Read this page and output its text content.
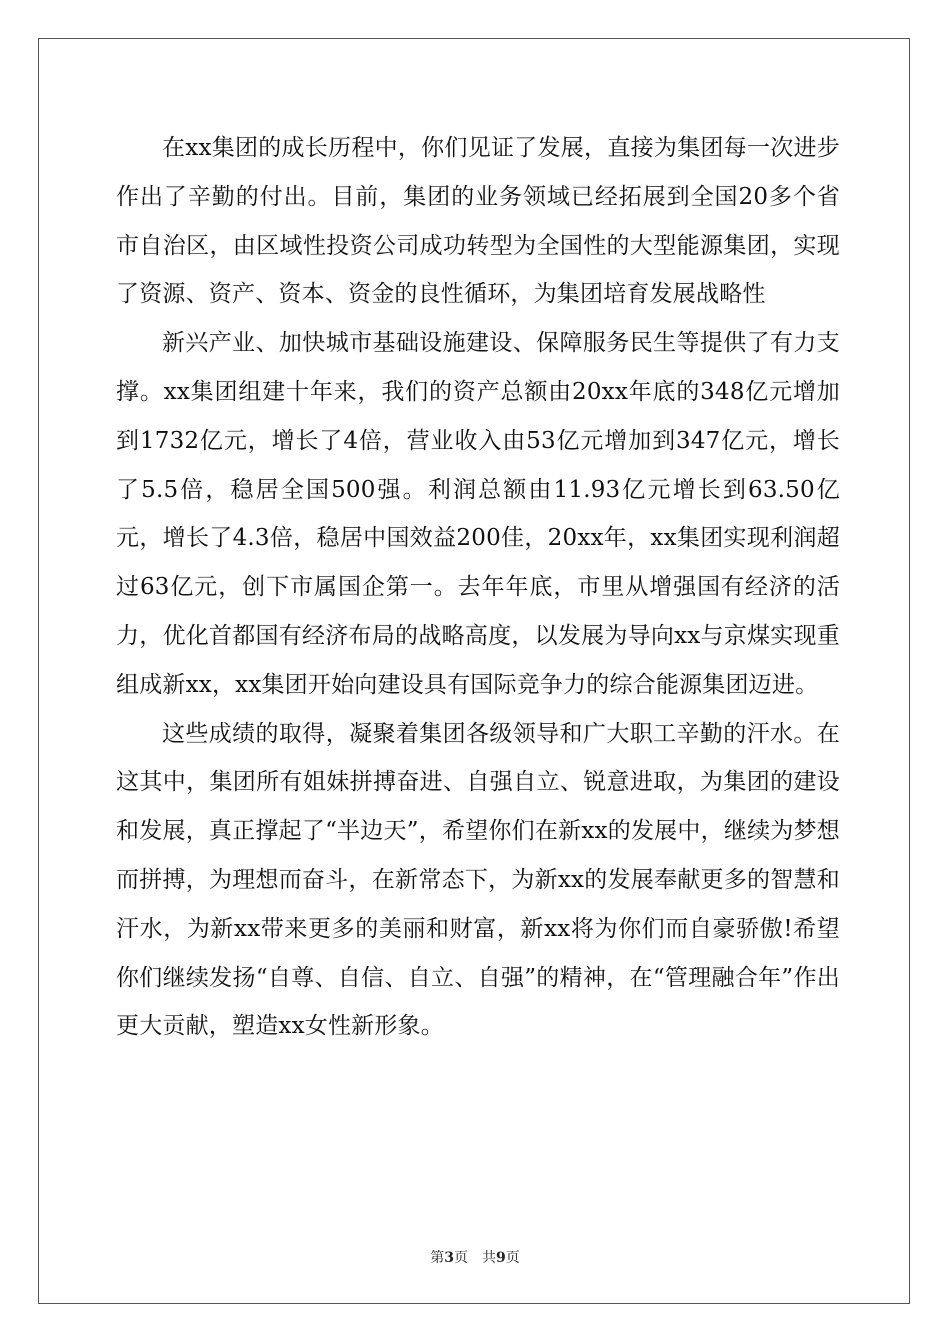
在xx集团的成长历程中，你们见证了发展，直接为集团每一次进步作出了辛勤的付出。目前，集团的业务领域已经拓展到全国20多个省市自治区，由区域性投资公司成功转型为全国性的大型能源集团，实现了资源、资产、资本、资金的良性循环，为集团培育发展战略性

新兴产业、加快城市基础设施建设、保障服务民生等提供了有力支撑。xx集团组建十年来，我们的资产总额由20xx年底的348亿元增加到1732亿元，增长了4倍，营业收入由53亿元增加到347亿元，增长了5.5倍，稳居全国500强。利润总额由11.93亿元增长到63.50亿元，增长了4.3倍，稳居中国效益200佳，20xx年，xx集团实现利润超过63亿元，创下市属国企第一。去年年底，市里从增强国有经济的活力，优化首都国有经济布局的战略高度，以发展为导向xx与京煤实现重组成新xx，xx集团开始向建设具有国际竞争力的综合能源集团迈进。

这些成绩的取得，凝聚着集团各级领导和广大职工辛勤的汗水。在这其中，集团所有姐妹拼搏奋进、自强自立、锐意进取，为集团的建设和发展，真正撑起了“半边天”，希望你们在新xx的发展中，继续为梦想而拼搏，为理想而奋斗，在新常态下，为新xx的发展奉献更多的智慧和汗水，为新xx带来更多的美丽和财富，新xx将为你们而自豪骄傲!希望你们继续发扬“自尊、自信、自立、自强”的精神，在“管理融合年”作出更大贡献，塑造xx女性新形象。

第3页 共9页
